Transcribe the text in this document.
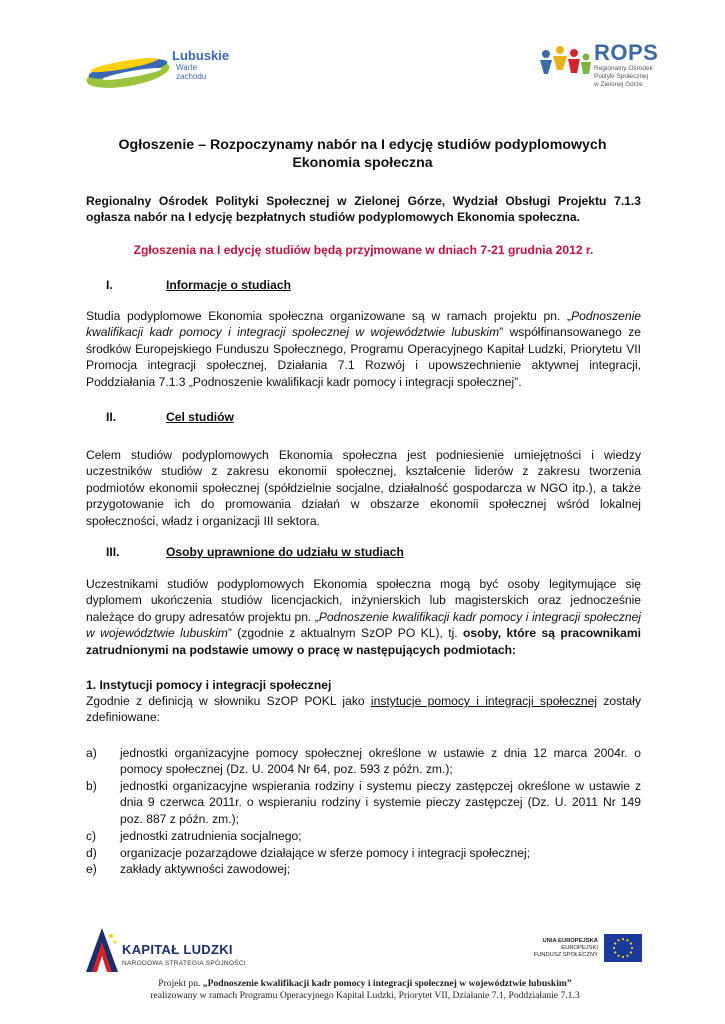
Lubuskie
Warte zachodu
ROPS
Regionalny Ośrodek
Polityki Społecznej
w Zielonej Górze
Ogłoszenie – Rozpoczynamy nabór na I edycję studiów podyplomowych
Ekonomia społeczna
Regionalny Ośrodek Polityki Społecznej w Zielonej Górze, Wydział Obsługi Projektu 7.1.3 ogłasza nabór na I edycję bezpłatnych studiów podyplomowych Ekonomia społeczna.
Zgłoszenia na I edycję studiów będą przyjmowane w dniach 7-21 grudnia 2012 r.
I.	Informacje o studiach
Studia podyplomowe Ekonomia społeczna organizowane są w ramach projektu pn. „Podnoszenie kwalifikacji kadr pomocy i integracji społecznej w województwie lubuskim” współfinansowanego ze środków Europejskiego Funduszu Społecznego, Programu Operacyjnego Kapitał Ludzki, Priorytetu VII Promocja integracji społecznej, Działania 7.1 Rozwój i upowszechnienie aktywnej integracji, Poddziałania 7.1.3 „Podnoszenie kwalifikacji kadr pomocy i integracji społecznej”.
II.	Cel studiów
Celem studiów podyplomowych Ekonomia społeczna jest podniesienie umiejętności i wiedzy uczestników studiów z zakresu ekonomii społecznej, kształcenie liderów z zakresu tworzenia podmiotów ekonomii społecznej (spółdzielnie socjalne, działalność gospodarcza w NGO itp.), a także przygotowanie ich do promowania działań w obszarze ekonomii społecznej wśród lokalnej społeczności, władz i organizacji III sektora.
III.	Osoby uprawnione do udziału w studiach
Uczestnikami studiów podyplomowych Ekonomia społeczna mogą być osoby legitymujące się dyplomem ukończenia studiów licencjackich, inżynierskich lub magisterskich oraz jednocześnie należące do grupy adresatów projektu pn. „Podnoszenie kwalifikacji kadr pomocy i integracji społecznej w województwie lubuskim” (zgodnie z aktualnym SzOP PO KL), tj. osoby, które są pracownikami zatrudnionymi na podstawie umowy o pracę w następujących podmiotach:
1. Instytucji pomocy i integracji społecznej
Zgodnie z definicją w słowniku SzOP POKL jako instytucje pomocy i integracji społecznej zostały zdefiniowane:
a)	jednostki organizacyjne pomocy społecznej określone w ustawie z dnia 12 marca 2004r. o pomocy społecznej (Dz. U. 2004 Nr 64, poz. 593 z późn. zm.);
b)	jednostki organizacyjne wspierania rodziny i systemu pieczy zastępczej określone w ustawie z dnia 9 czerwca 2011r. o wspieraniu rodziny i systemie pieczy zastępczej (Dz. U. 2011 Nr 149 poz. 887 z późn. zm.);
c)	jednostki zatrudnienia socjalnego;
d)	organizacje pozarządowe działające w sferze pomocy i integracji społecznej;
e)	zakłady aktywności zawodowej;
KAPITAŁ LUDZKI
NARODOWA STRATEGIA SPÓJNOŚCI
UNIA EUROPEJSKA
EUROPEJSKI
FUNDUSZ SPOŁECZNY
Projekt pn. „Podnoszenie kwalifikacji kadr pomocy i integracji społecznej w województwie lubuskim”
realizowany w ramach Programu Operacyjnego Kapitał Ludzki, Priorytet VII, Działanie 7.1, Poddziałanie 7.1.3
